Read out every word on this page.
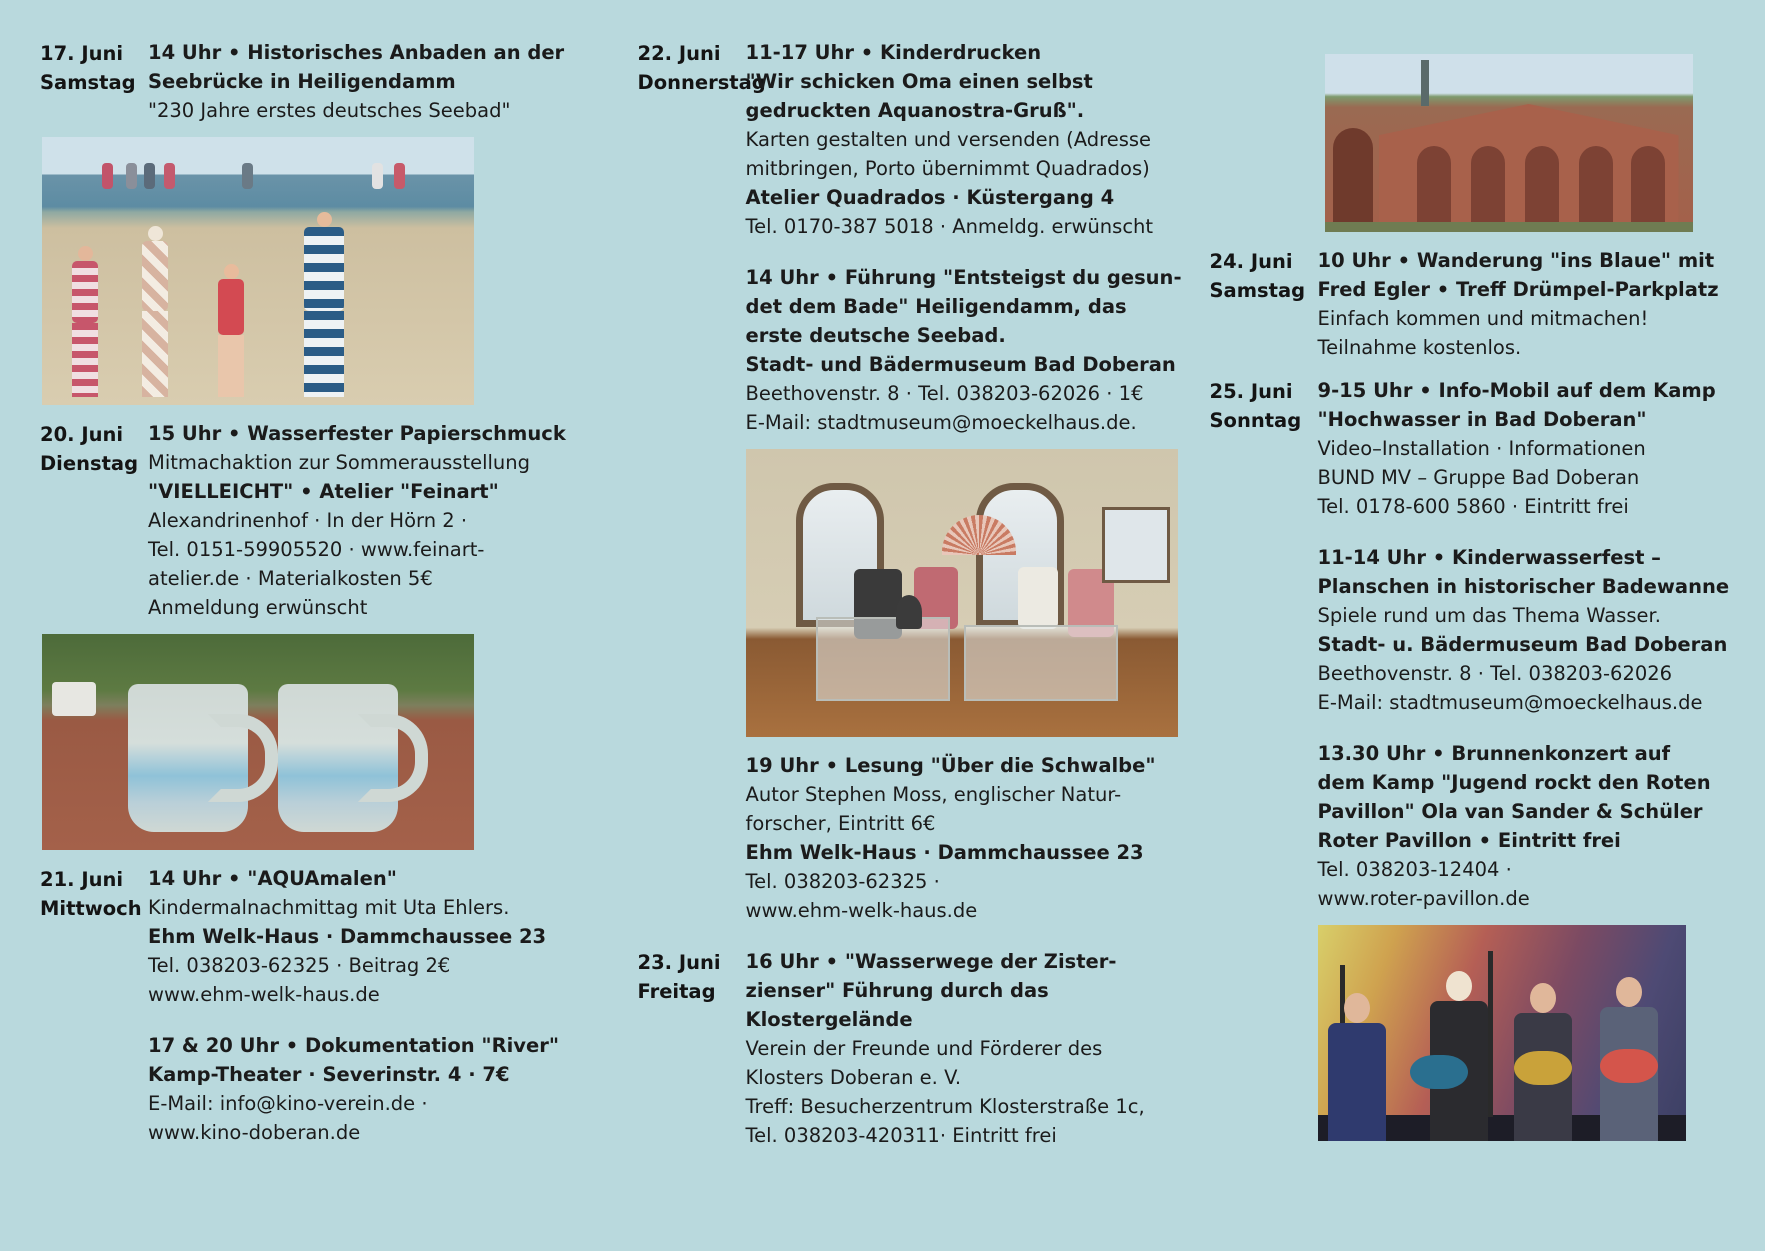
17. Juni
Samstag

14 Uhr • Historisches Anbaden an der

Seebrücke in Heiligendamm

"230 Jahre erstes deutsches Seebad"

20. Juni
Dienstag

15 Uhr • Wasserfester Papierschmuck

Mitmachaktion zur Sommerausstellung

"VIELLEICHT" • Atelier "Feinart"

Alexandrinenhof · In der Hörn 2 ·

Tel. 0151-59905520 · www.feinart-

atelier.de · Materialkosten 5€

Anmeldung erwünscht

21. Juni
Mittwoch

14 Uhr • "AQUAmalen"

Kindermalnachmittag mit Uta Ehlers.

Ehm Welk-Haus · Dammchaussee 23

Tel. 038203-62325 · Beitrag 2€

www.ehm-welk-haus.de

17 & 20 Uhr • Dokumentation "River"

Kamp-Theater · Severinstr. 4 · 7€

E-Mail: info@kino-verein.de ·

www.kino-doberan.de

22. Juni
Donnerstag

11-17 Uhr • Kinderdrucken

"Wir schicken Oma einen selbst

gedruckten Aquanostra-Gruß".

Karten gestalten und versenden (Adresse

mitbringen, Porto übernimmt Quadrados)

Atelier Quadrados · Küstergang 4

Tel. 0170-387 5018 · Anmeldg. erwünscht

14 Uhr • Führung "Entsteigst du gesun-

det dem Bade" Heiligendamm, das

erste deutsche Seebad.

Stadt- und Bädermuseum Bad Doberan

Beethovenstr. 8 · Tel. 038203-62026 · 1€

E-Mail: stadtmuseum@moeckelhaus.de.

19 Uhr • Lesung "Über die Schwalbe"

Autor Stephen Moss, englischer Natur-

forscher, Eintritt 6€

Ehm Welk-Haus · Dammchaussee 23

Tel. 038203-62325 ·

www.ehm-welk-haus.de

23. Juni
Freitag

16 Uhr • "Wasserwege der Zister-

zienser" Führung durch das Klostergelände

Verein der Freunde und Förderer des

Klosters Doberan e. V.

Treff: Besucherzentrum Klosterstraße 1c,

Tel. 038203-420311· Eintritt frei

24. Juni
Samstag

10 Uhr • Wanderung "ins Blaue" mit

Fred Egler • Treff Drümpel-Parkplatz

Einfach kommen und mitmachen!

Teilnahme kostenlos.

25. Juni
Sonntag

9-15 Uhr • Info-Mobil auf dem Kamp

"Hochwasser in Bad Doberan"

Video–Installation · Informationen

BUND MV – Gruppe Bad Doberan

Tel. 0178-600 5860 · Eintritt frei

11-14 Uhr • Kinderwasserfest –

Planschen in historischer Badewanne

Spiele rund um das Thema Wasser.

Stadt- u. Bädermuseum Bad Doberan

Beethovenstr. 8 · Tel. 038203-62026

E-Mail: stadtmuseum@moeckelhaus.de

13.30 Uhr • Brunnenkonzert auf

dem Kamp "Jugend rockt den Roten

Pavillon" Ola van Sander & Schüler

Roter Pavillon • Eintritt frei

Tel. 038203-12404 ·

www.roter-pavillon.de
